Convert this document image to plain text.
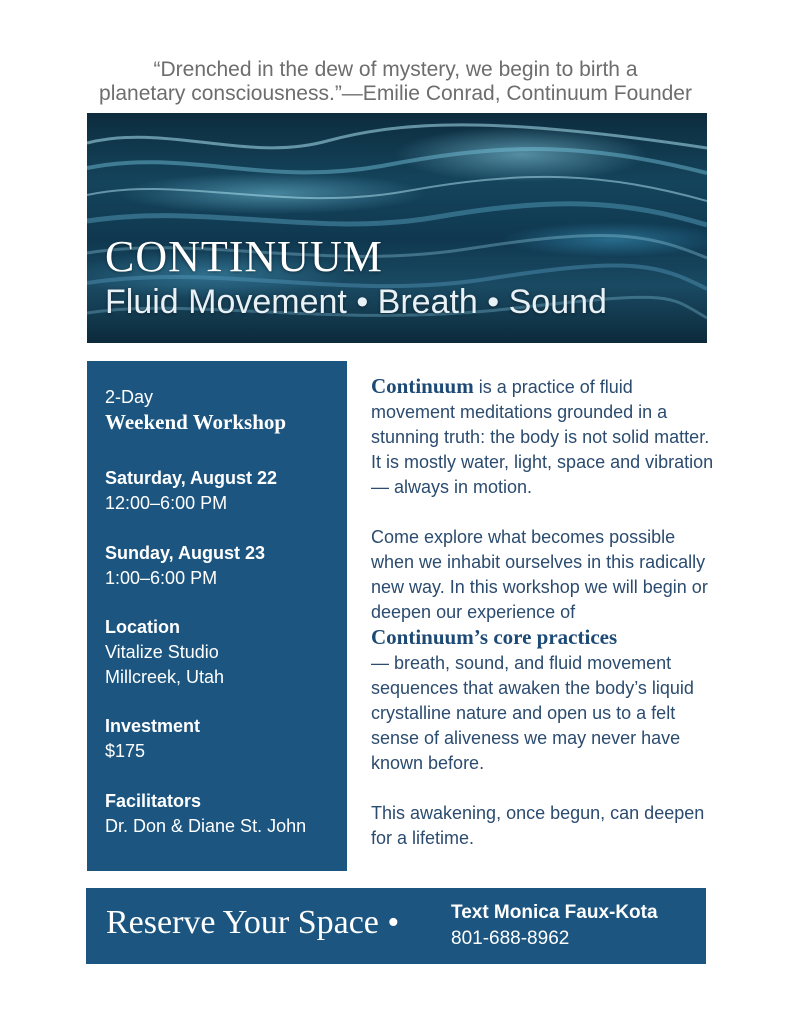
“Drenched in the dew of mystery, we begin to birth a
planetary consciousness.”—Emilie Conrad, Continuum Founder
CONTINUUM
Fluid Movement • Breath • Sound
2-Day
Weekend Workshop
Saturday, August 22
12:00–6:00 PM
Sunday, August 23
1:00–6:00 PM
Location
Vitalize Studio
Millcreek, Utah
Investment
$175
Facilitators
Dr. Don & Diane St. John

Continuum is a practice of fluid movement meditations grounded in a stunning truth: the body is not solid matter. It is mostly water, light, space and vibration — always in motion.

Come explore what becomes possible when we inhabit ourselves in this radically new way. In this workshop we will begin or deepen our experience of
Continuum’s core practices
— breath, sound, and fluid movement sequences that awaken the body’s liquid crystalline nature and open us to a felt sense of aliveness we may never have known before.

This awakening, once begun, can deepen for a lifetime.

Reserve Your Space •	Text Monica Faux-Kota
801-688-8962
